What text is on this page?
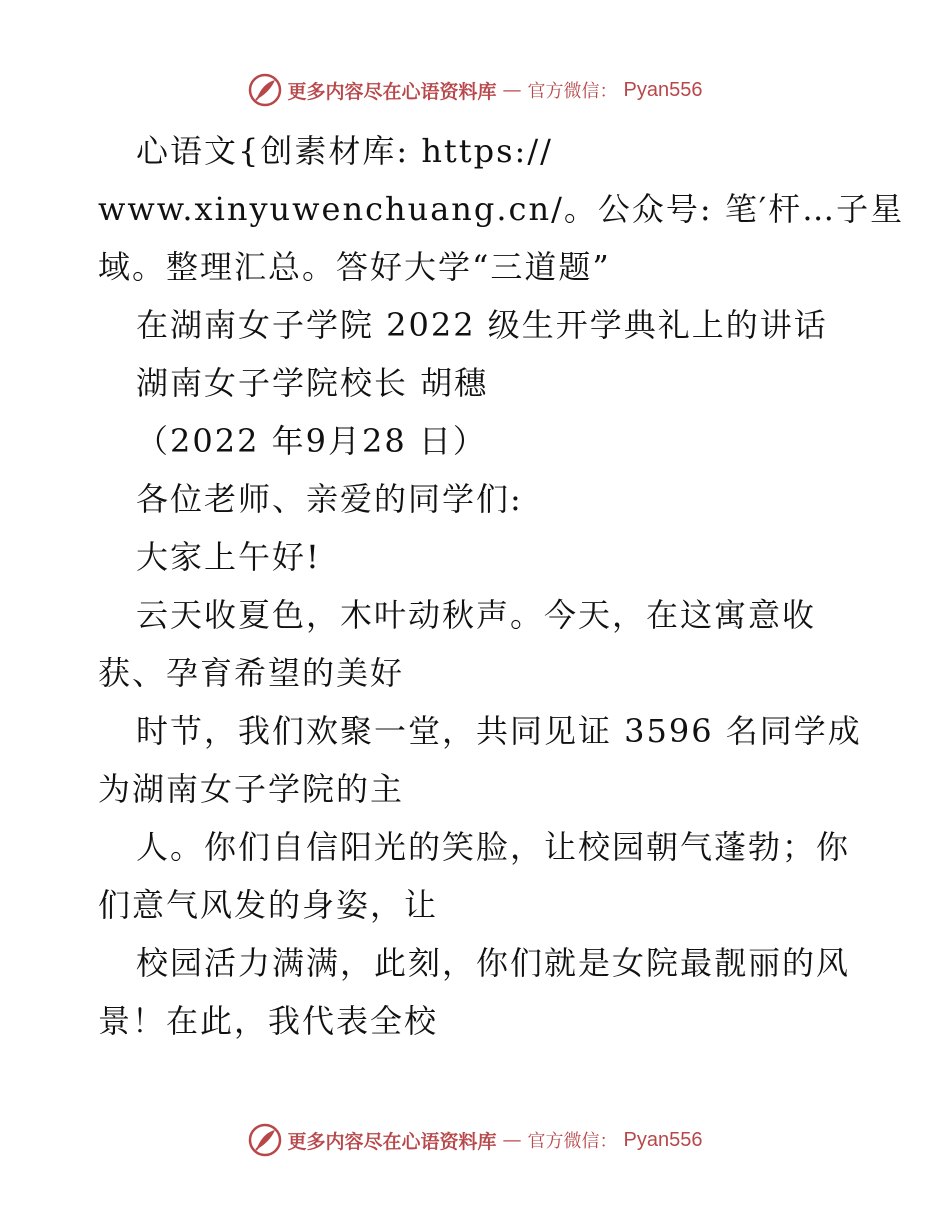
更多内容尽在心语资料库 — 官方微信： Pyan556
心语文{创素材库: https://
www.xinyuwenchuang.cn/。公众号: 笔′杆…子星
域。整理汇总。答好大学“三道题”
在湖南女子学院 2022 级生开学典礼上的讲话
湖南女子学院校长 胡穗
（2022 年9月28 日）
各位老师、亲爱的同学们:
大家上午好!
云天收夏色，木叶动秋声。今天，在这寓意收
获、孕育希望的美好
时节，我们欢聚一堂，共同见证 3596 名同学成
为湖南女子学院的主
人。你们自信阳光的笑脸，让校园朝气蓬勃；你
们意气风发的身姿，让
校园活力满满，此刻，你们就是女院最靓丽的风
景！在此，我代表全校
更多内容尽在心语资料库 — 官方微信： Pyan556
